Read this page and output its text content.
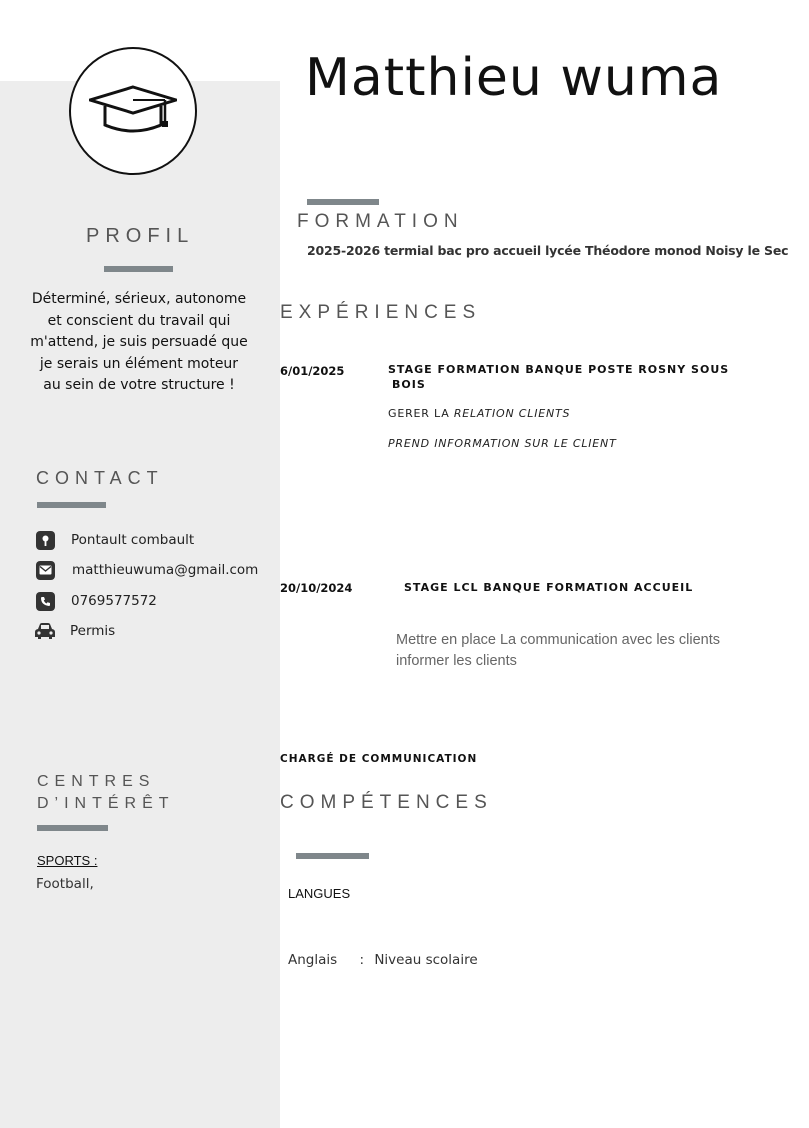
Matthieu wuma
PROFIL
Déterminé, sérieux, autonome et conscient du travail qui m'attend, je suis persuadé que je serais un élément moteur au sein de votre structure !
CONTACT
Pontault combault
matthieuwuma@gmail.com
0769577572
Permis
CENTRES
D’INTÉRÊT
SPORTS :
Football,
FORMATION
2025-2026 termial bac pro accueil lycée Théodore monod Noisy le Sec
EXPÉRIENCES
6/01/2025	STAGE FORMATION BANQUE POSTE ROSNY SOUS
BOIS
GERER LA RELATION CLIENTS
PREND INFORMATION SUR LE CLIENT
20/10/2024	STAGE LCL BANQUE FORMATION ACCUEIL
Mettre en place La communication avec les clients
informer les clients
CHARGÉ DE COMMUNICATION
COMPÉTENCES
LANGUES
Anglais : Niveau scolaire
